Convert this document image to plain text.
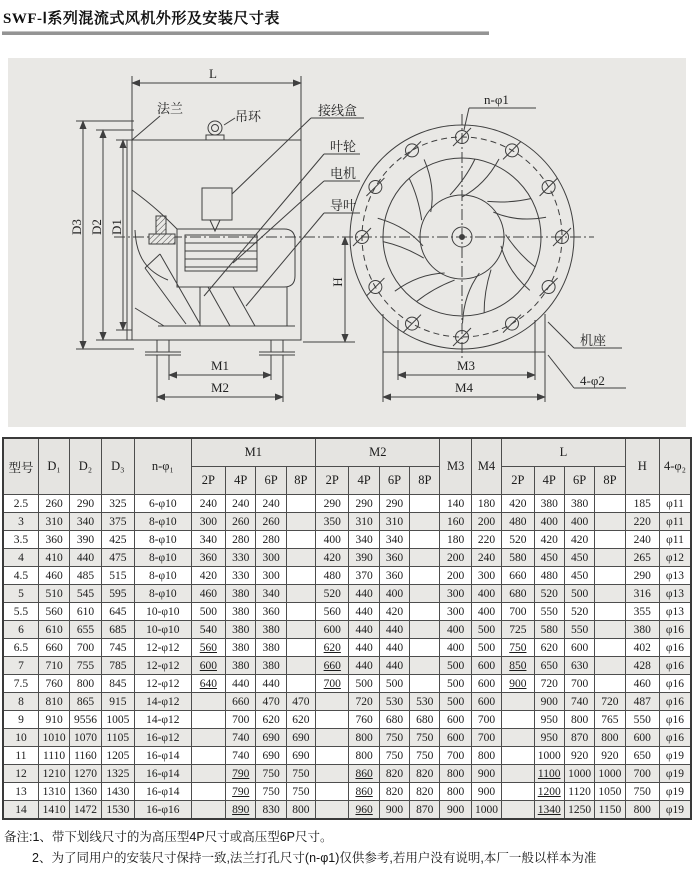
SWF-Ⅰ系列混流式风机外形及安装尺寸表
L
D3 D2 D1
M1
M2
H
M3
M4
法兰
吊环	接线盒
叶轮
电机
导叶
n-φ1
机座
4-φ2
型号	D₁	D₂	D₃	n-φ₁	M1				M2				M3	M4	L				H	4-φ₂
					2P	4P	6P	8P	2P	4P	6P	8P			2P	4P	6P	8P		
2.5	260	290	325	6-φ10	240	240	240		290	290	290		140	180	420	380	380		185	φ11
3	310	340	375	8-φ10	300	260	260		350	310	310		160	200	480	400	400		220	φ11
3.5	360	390	425	8-φ10	340	280	280		400	340	340		180	220	520	420	420		240	φ11
4	410	440	475	8-φ10	360	330	300		420	390	360		200	240	580	450	450		265	φ12
4.5	460	485	515	8-φ10	420	330	300		480	370	360		200	300	660	480	450		290	φ13
5	510	545	595	8-φ10	460	380	340		520	440	400		300	400	680	520	500		316	φ13
5.5	560	610	645	10-φ10	500	380	360		560	440	420		300	400	700	550	520		355	φ13
6	610	655	685	10-φ10	540	380	380		600	440	440		400	500	725	580	550		380	φ16
6.5	660	700	745	12-φ12	560	380	380		620	440	440		400	500	750	620	600		402	φ16
7	710	755	785	12-φ12	600	380	380		660	440	440		500	600	850	650	630		428	φ16
7.5	760	800	845	12-φ12	640	440	440		700	500	500		500	600	900	720	700		460	φ16
8	810	865	915	14-φ12		660	470	470		720	530	530	500	600		900	740	720	487	φ16
9	910	9556	1005	14-φ12		700	620	620		760	680	680	600	700		950	800	765	550	φ16
10	1010	1070	1105	16-φ12		740	690	690		800	750	750	600	700		950	870	800	600	φ16
11	1110	1160	1205	16-φ14		740	690	690		800	750	750	700	800		1000	920	920	650	φ19
12	1210	1270	1325	16-φ14		790	750	750		860	820	820	800	900		1100	1000	1000	700	φ19
13	1310	1360	1430	16-φ14		790	750	750		860	820	820	800	900		1200	1120	1050	750	φ19
14	1410	1472	1530	16-φ16		890	830	800		960	900	870	900	1000		1340	1250	1150	800	φ19
备注:1、带下划线尺寸的为高压型4P尺寸或高压型6P尺寸。
2、为了同用户的安装尺寸保持一致,法兰打孔尺寸(n-φ1)仅供参考,若用户没有说明,本厂一般以样本为准
